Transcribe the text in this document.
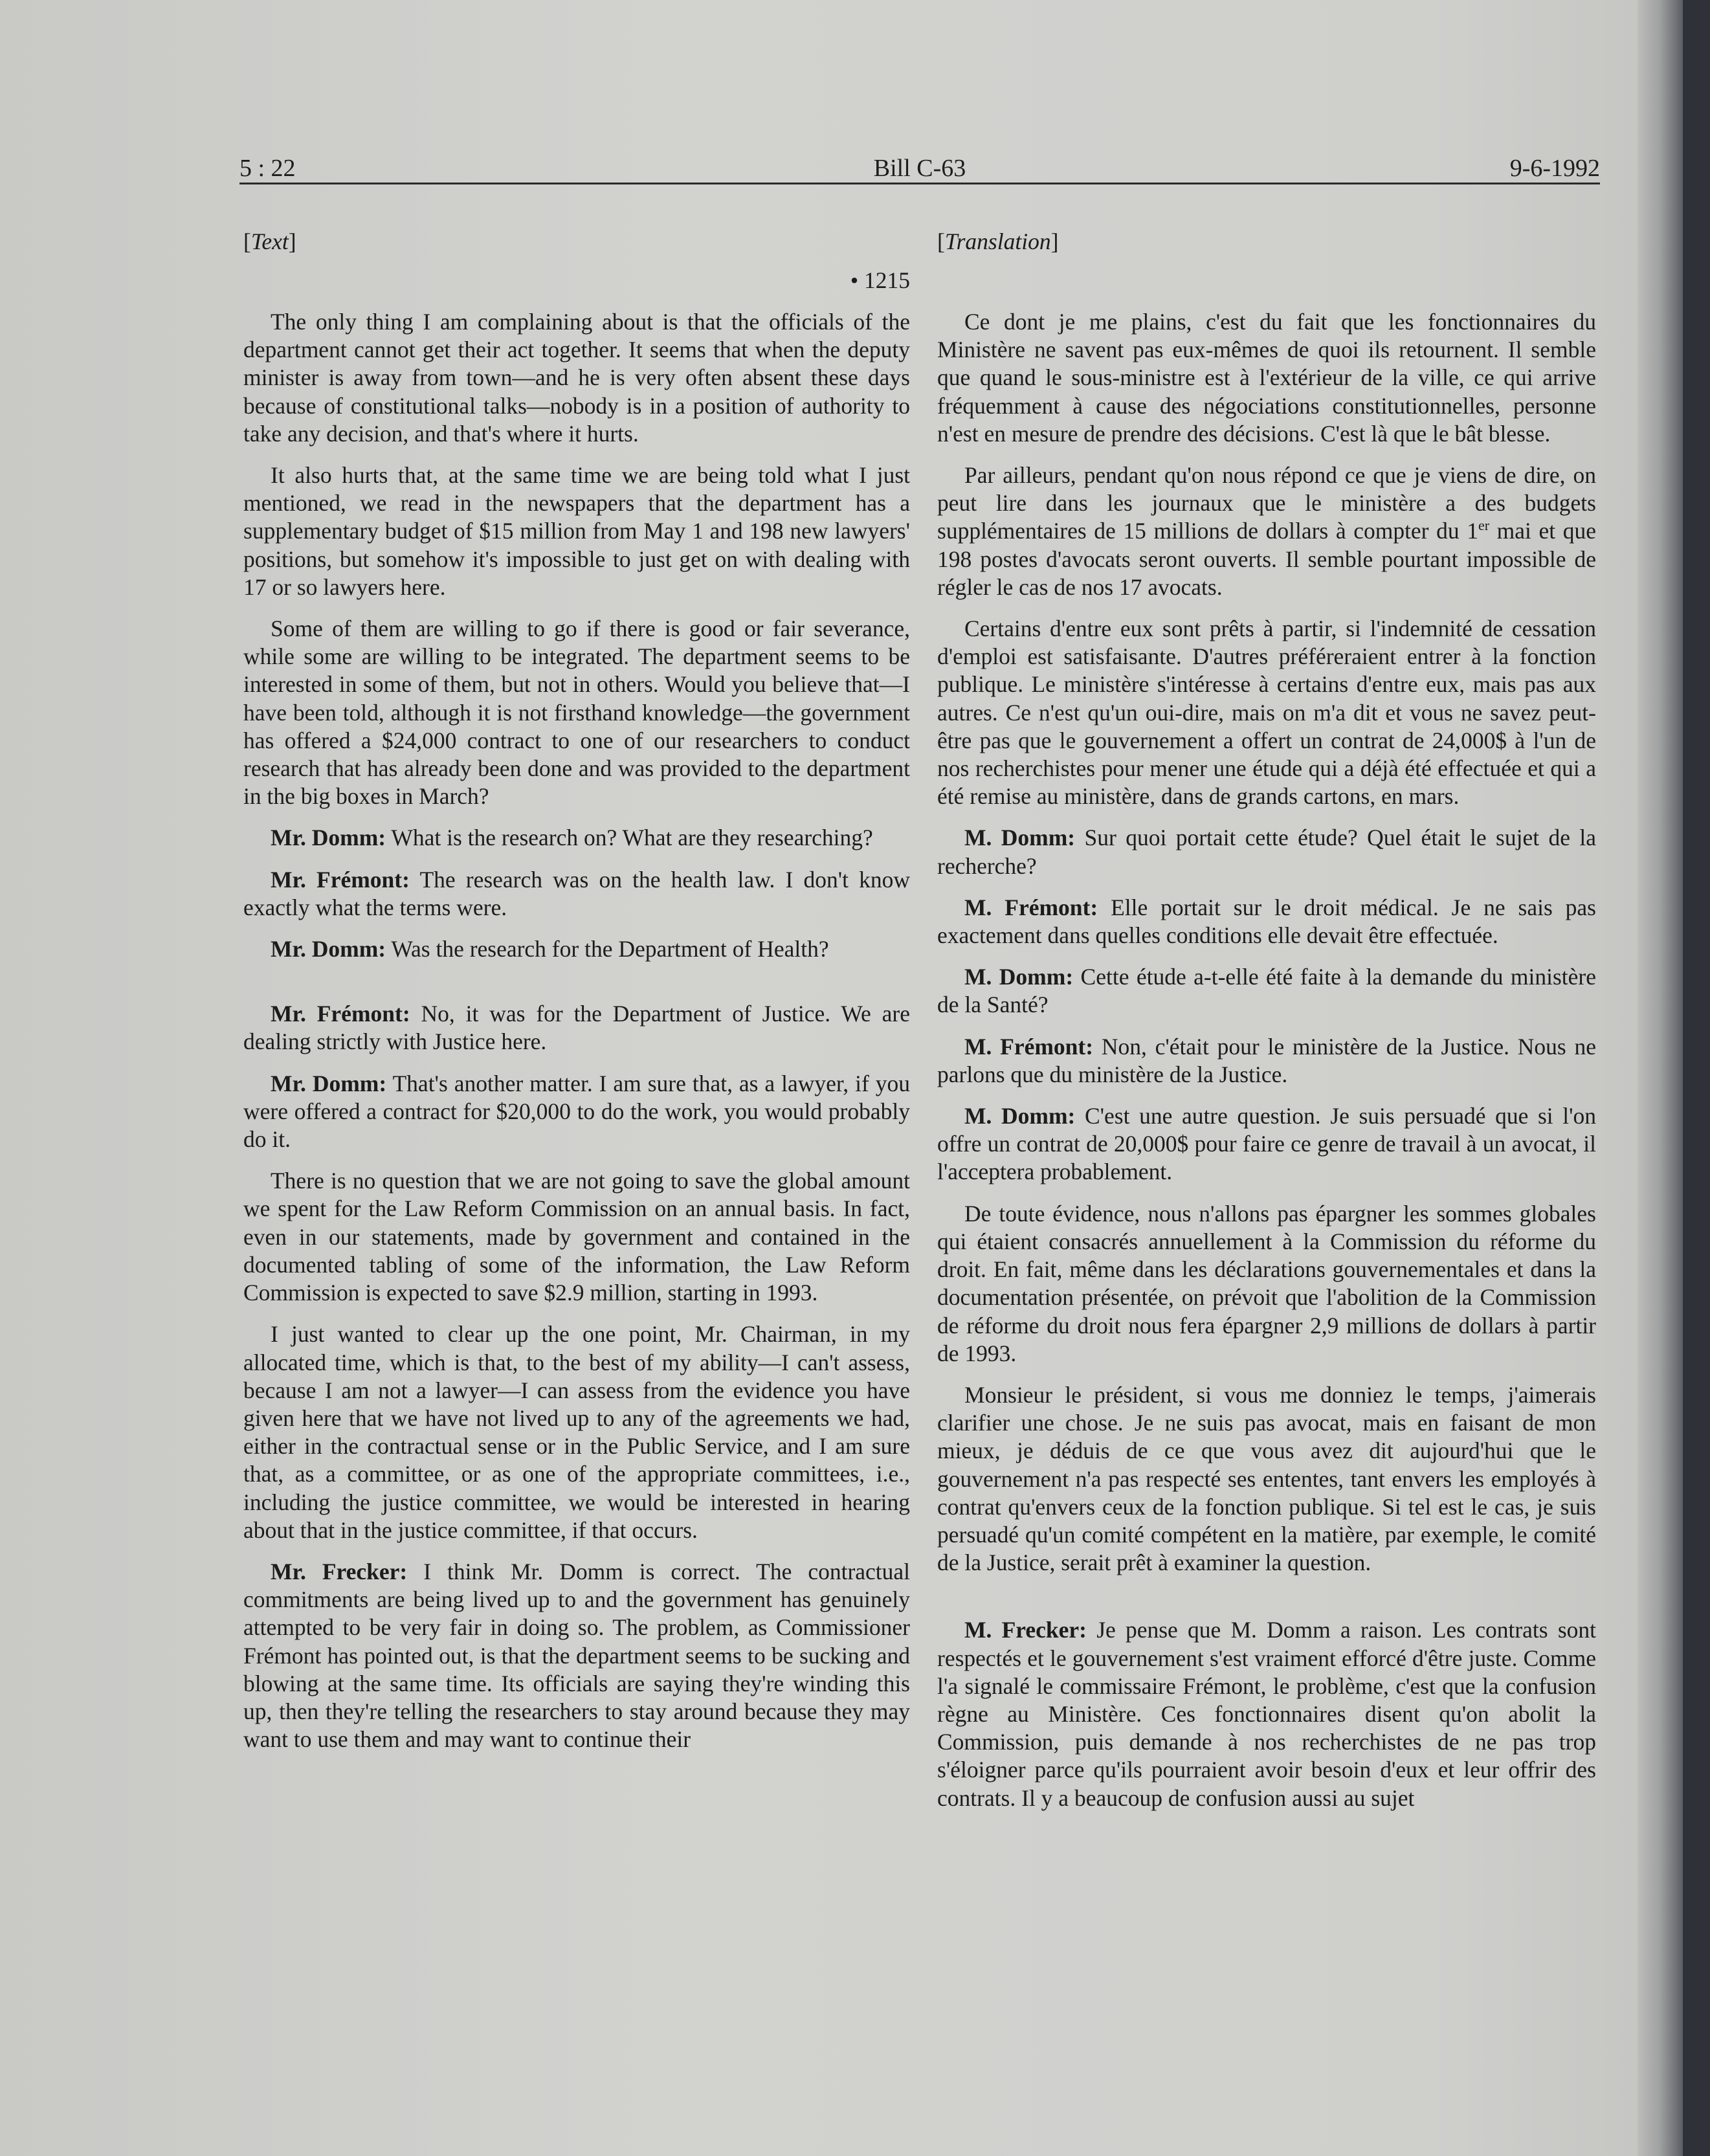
5 : 22	Bill C-63	9-6-1992
[Text]
• 1215

The only thing I am complaining about is that the officials of the department cannot get their act together. It seems that when the deputy minister is away from town—and he is very often absent these days because of constitutional talks—nobody is in a position of authority to take any decision, and that's where it hurts.

It also hurts that, at the same time we are being told what I just mentioned, we read in the newspapers that the department has a supplementary budget of $15 million from May 1 and 198 new lawyers' positions, but somehow it's impossible to just get on with dealing with 17 or so lawyers here.

Some of them are willing to go if there is good or fair severance, while some are willing to be integrated. The department seems to be interested in some of them, but not in others. Would you believe that—I have been told, although it is not firsthand knowledge—the government has offered a $24,000 contract to one of our researchers to conduct research that has already been done and was provided to the department in the big boxes in March?

Mr. Domm: What is the research on? What are they researching?

Mr. Frémont: The research was on the health law. I don't know exactly what the terms were.

Mr. Domm: Was the research for the Department of Health?

Mr. Frémont: No, it was for the Department of Justice. We are dealing strictly with Justice here.

Mr. Domm: That's another matter. I am sure that, as a lawyer, if you were offered a contract for $20,000 to do the work, you would probably do it.

There is no question that we are not going to save the global amount we spent for the Law Reform Commission on an annual basis. In fact, even in our statements, made by government and contained in the documented tabling of some of the information, the Law Reform Commission is expected to save $2.9 million, starting in 1993.

I just wanted to clear up the one point, Mr. Chairman, in my allocated time, which is that, to the best of my ability—I can't assess, because I am not a lawyer—I can assess from the evidence you have given here that we have not lived up to any of the agreements we had, either in the contractual sense or in the Public Service, and I am sure that, as a committee, or as one of the appropriate committees, i.e., including the justice committee, we would be interested in hearing about that in the justice committee, if that occurs.

Mr. Frecker: I think Mr. Domm is correct. The contractual commitments are being lived up to and the government has genuinely attempted to be very fair in doing so. The problem, as Commissioner Frémont has pointed out, is that the department seems to be sucking and blowing at the same time. Its officials are saying they're winding this up, then they're telling the researchers to stay around because they may want to use them and may want to continue their

[Translation]

Ce dont je me plains, c'est du fait que les fonctionnaires du Ministère ne savent pas eux-mêmes de quoi ils retournent. Il semble que quand le sous-ministre est à l'extérieur de la ville, ce qui arrive fréquemment à cause des négociations constitutionnelles, personne n'est en mesure de prendre des décisions. C'est là que le bât blesse.

Par ailleurs, pendant qu'on nous répond ce que je viens de dire, on peut lire dans les journaux que le ministère a des budgets supplémentaires de 15 millions de dollars à compter du 1er mai et que 198 postes d'avocats seront ouverts. Il semble pourtant impossible de régler le cas de nos 17 avocats.

Certains d'entre eux sont prêts à partir, si l'indemnité de cessation d'emploi est satisfaisante. D'autres préféreraient entrer à la fonction publique. Le ministère s'intéresse à certains d'entre eux, mais pas aux autres. Ce n'est qu'un oui-dire, mais on m'a dit et vous ne savez peut-être pas que le gouvernement a offert un contrat de 24,000$ à l'un de nos recherchistes pour mener une étude qui a déjà été effectuée et qui a été remise au ministère, dans de grands cartons, en mars.

M. Domm: Sur quoi portait cette étude? Quel était le sujet de la recherche?

M. Frémont: Elle portait sur le droit médical. Je ne sais pas exactement dans quelles conditions elle devait être effectuée.

M. Domm: Cette étude a-t-elle été faite à la demande du ministère de la Santé?

M. Frémont: Non, c'était pour le ministère de la Justice. Nous ne parlons que du ministère de la Justice.

M. Domm: C'est une autre question. Je suis persuadé que si l'on offre un contrat de 20,000$ pour faire ce genre de travail à un avocat, il l'acceptera probablement.

De toute évidence, nous n'allons pas épargner les sommes globales qui étaient consacrés annuellement à la Commission du réforme du droit. En fait, même dans les déclarations gouvernementales et dans la documentation présentée, on prévoit que l'abolition de la Commission de réforme du droit nous fera épargner 2,9 millions de dollars à partir de 1993.

Monsieur le président, si vous me donniez le temps, j'aimerais clarifier une chose. Je ne suis pas avocat, mais en faisant de mon mieux, je déduis de ce que vous avez dit aujourd'hui que le gouvernement n'a pas respecté ses ententes, tant envers les employés à contrat qu'envers ceux de la fonction publique. Si tel est le cas, je suis persuadé qu'un comité compétent en la matière, par exemple, le comité de la Justice, serait prêt à examiner la question.

M. Frecker: Je pense que M. Domm a raison. Les contrats sont respectés et le gouvernement s'est vraiment efforcé d'être juste. Comme l'a signalé le commissaire Frémont, le problème, c'est que la confusion règne au Ministère. Ces fonctionnaires disent qu'on abolit la Commission, puis demande à nos recherchistes de ne pas trop s'éloigner parce qu'ils pourraient avoir besoin d'eux et leur offrir des contrats. Il y a beaucoup de confusion aussi au sujet
